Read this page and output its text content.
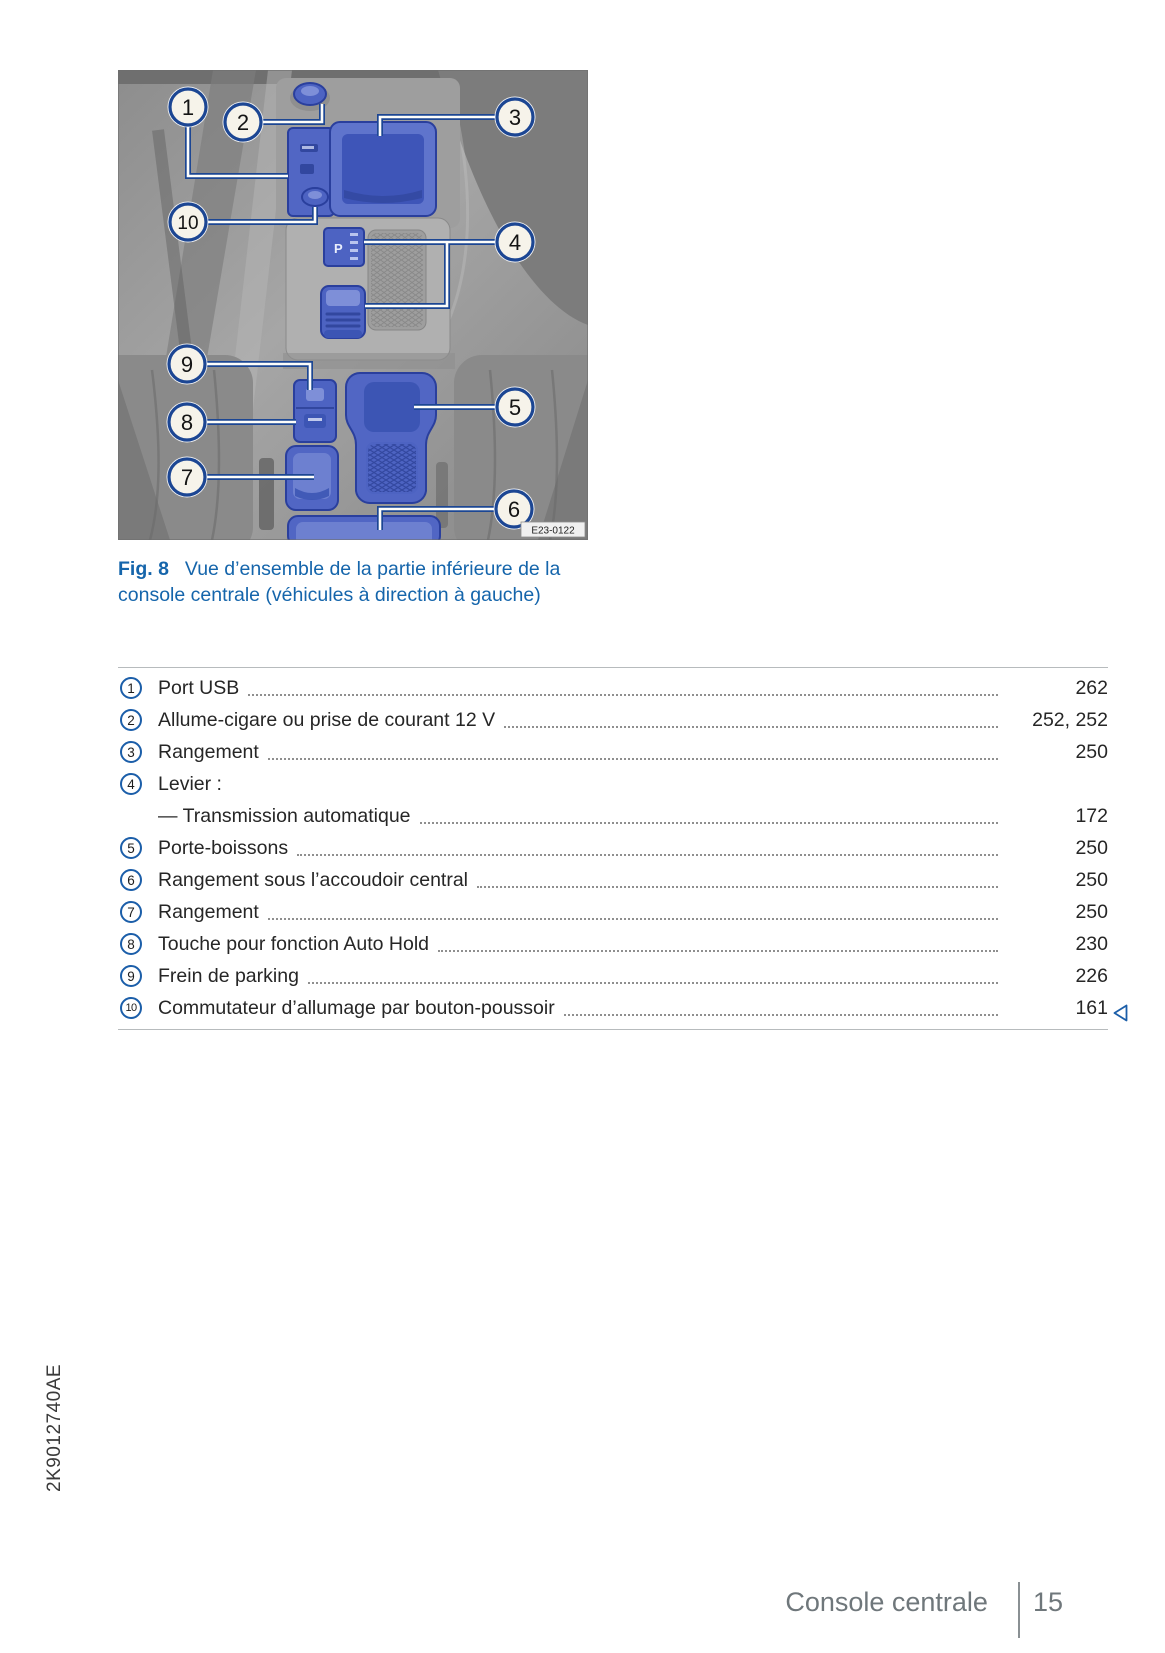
P
1
2	3
10
4
9
8
7
5
6
E23-0122

Fig. 8 Vue d’ensemble de la partie inférieure de la console centrale (véhicules à direction à gauche)

1	Port USB	262
2	Allume-cigare ou prise de courant 12 V	252, 252
3	Rangement	250
4	Levier :
— Transmission automatique	172
5	Porte-boissons	250
6	Rangement sous l’accoudoir central	250
7	Rangement	250
8	Touche pour fonction Auto Hold	230
9	Frein de parking	226
10 Commutateur d’allumage par bouton-poussoir	161
2K9012740AE
Console centrale 15
